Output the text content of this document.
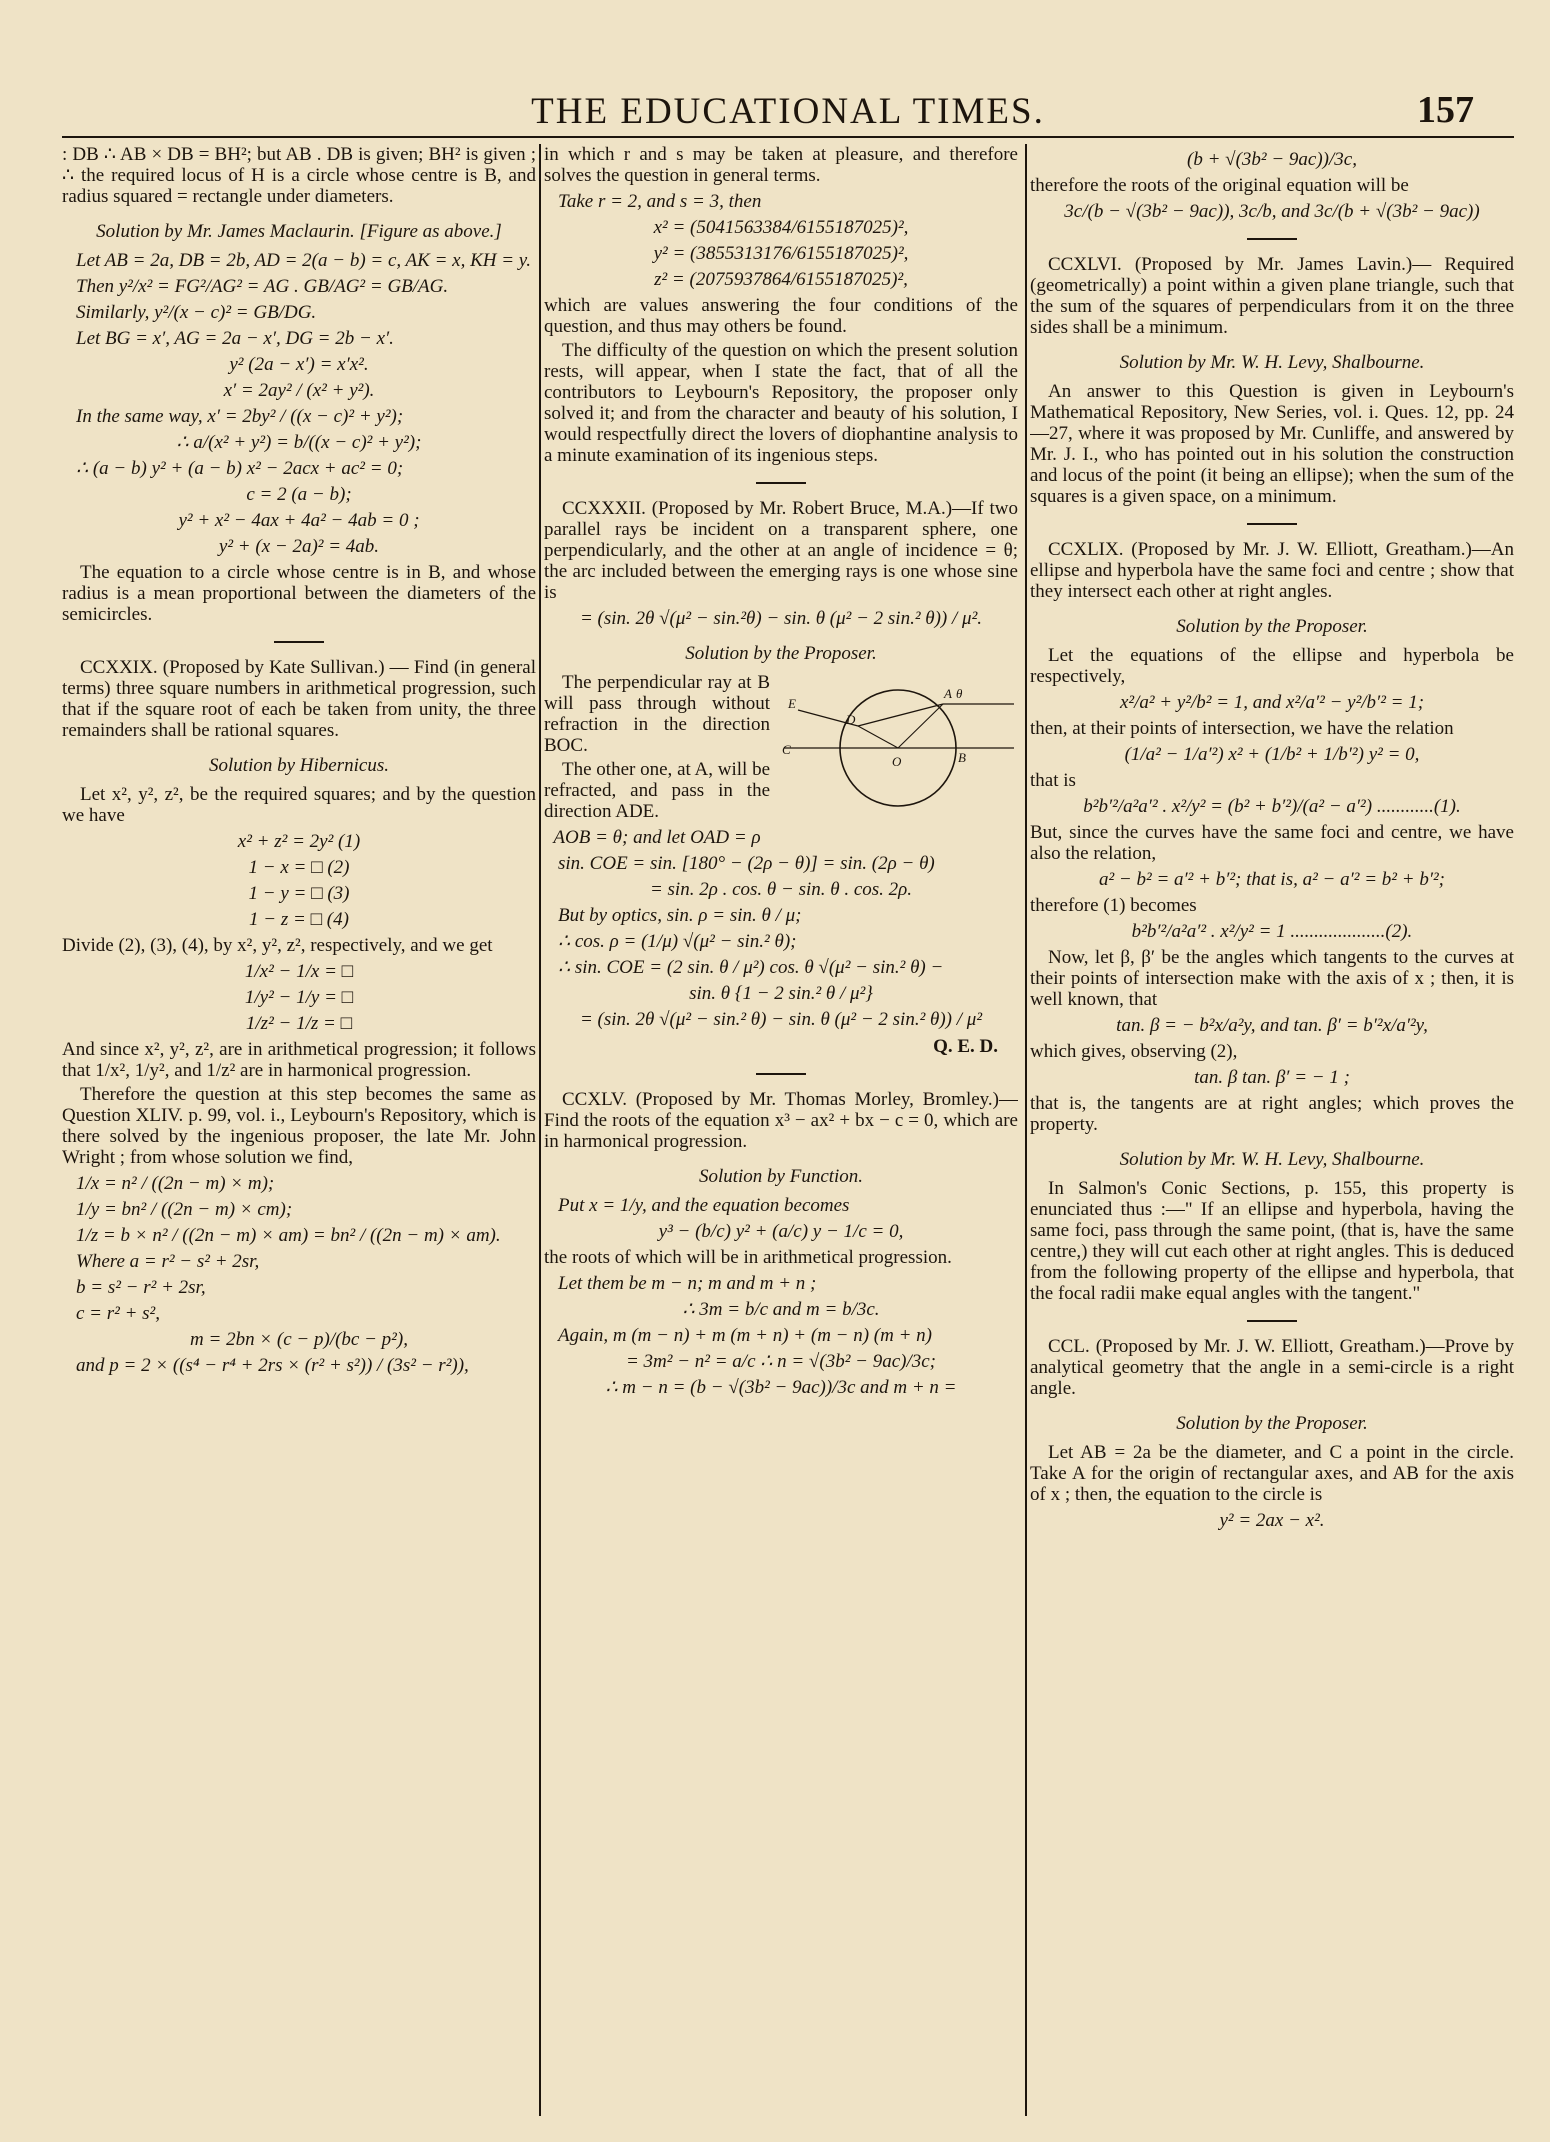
THE EDUCATIONAL TIMES.	157

: DB ∴ AB × DB = BH²; but AB . DB is given; BH² is given ; ∴ the required locus of H is a circle whose centre is B, and radius squared = rectangle under diameters.

Solution by Mr. James Maclaurin. [Figure as above.]
Let AB = 2a, DB = 2b, AD = 2(a − b) = c, AK = x, KH = y.
Then y²/x² = FG²/AG² = AG . GB/AG² = GB/AG.
Similarly, y²/(x − c)² = GB/DG.
Let BG = x′, AG = 2a − x′, DG = 2b − x′.
y² (2a − x′) = x′x².
x′ = 2ay² / (x² + y²).
In the same way, x′ = 2by² / ((x − c)² + y²);
∴ a/(x² + y²) = b/((x − c)² + y²);
∴ (a − b) y² + (a − b) x² − 2acx + ac² = 0;
c = 2 (a − b);
y² + x² − 4ax + 4a² − 4ab = 0 ;
y² + (x − 2a)² = 4ab.

The equation to a circle whose centre is in B, and whose radius is a mean proportional between the diameters of the semicircles.

CCXXIX. (Proposed by Kate Sullivan.) — Find (in general terms) three square numbers in arithmetical progression, such that if the square root of each be taken from unity, the three remainders shall be rational squares.

Solution by Hibernicus.

Let x², y², z², be the required squares; and by the question we have

x² + z² = 2y² (1)
1 − x = □ (2)
1 − y = □ (3)
1 − z = □ (4)

Divide (2), (3), (4), by x², y², z², respectively, and we get

1/x² − 1/x = □
1/y² − 1/y = □
1/z² − 1/z = □

And since x², y², z², are in arithmetical progression; it follows that 1/x², 1/y², and 1/z² are in harmonical progression.

Therefore the question at this step becomes the same as Question XLIV. p. 99, vol. i., Leybourn's Repository, which is there solved by the ingenious proposer, the late Mr. John Wright ; from whose solution we find,

1/x = n² / ((2n − m) × m);
1/y = bn² / ((2n − m) × cm);
1/z = b × n² / ((2n − m) × am) = bn² / ((2n − m) × am).
Where a = r² − s² + 2sr,
b = s² − r² + 2sr,
c = r² + s²,
m = 2bn × (c − p)/(bc − p²),
and p = 2 × ((s⁴ − r⁴ + 2rs × (r² + s²)) / (3s² − r²)),

in which r and s may be taken at pleasure, and therefore solves the question in general terms.

Take r = 2, and s = 3, then
x² = (5041563384/6155187025)²,
y² = (3855313176/6155187025)²,
z² = (2075937864/6155187025)²,

which are values answering the four conditions of the question, and thus may others be found.

The difficulty of the question on which the present solution rests, will appear, when I state the fact, that of all the contributors to Leybourn's Repository, the proposer only solved it; and from the character and beauty of his solution, I would respectfully direct the lovers of diophantine analysis to a minute examination of its ingenious steps.

CCXXXII. (Proposed by Mr. Robert Bruce, M.A.)—If two parallel rays be incident on a transparent sphere, one perpendicularly, and the other at an angle of incidence = θ; the arc included between the emerging rays is one whose sine is

= (sin. 2θ √(μ² − sin.²θ) − sin. θ (μ² − 2 sin.² θ)) / μ².
Solution by the Proposer.
A θ
E
D
C
O	B

The perpendicular ray at B will pass through without refraction in the direction BOC.

The other one, at A, will be refracted, and pass in the direction ADE.

AOB = θ; and let OAD = ρ
sin. COE = sin. [180° − (2ρ − θ)] = sin. (2ρ − θ)
= sin. 2ρ . cos. θ − sin. θ . cos. 2ρ.
But by optics, sin. ρ = sin. θ / μ;
∴ cos. ρ = (1/μ) √(μ² − sin.² θ);
∴ sin. COE = (2 sin. θ / μ²) cos. θ √(μ² − sin.² θ) −
sin. θ {1 − 2 sin.² θ / μ²}
= (sin. 2θ √(μ² − sin.² θ) − sin. θ (μ² − 2 sin.² θ)) / μ²
Q. E. D.

CCXLV. (Proposed by Mr. Thomas Morley, Bromley.)—Find the roots of the equation x³ − ax² + bx − c = 0, which are in harmonical progression.

Solution by Function.
Put x = 1/y, and the equation becomes
y³ − (b/c) y² + (a/c) y − 1/c = 0,

the roots of which will be in arithmetical progression.

Let them be m − n; m and m + n ;
∴ 3m = b/c and m = b/3c.
Again, m (m − n) + m (m + n) + (m − n) (m + n)
= 3m² − n² = a/c ∴ n = √(3b² − 9ac)/3c;
∴ m − n = (b − √(3b² − 9ac))/3c and m + n =
(b + √(3b² − 9ac))/3c,

therefore the roots of the original equation will be

3c/(b − √(3b² − 9ac)), 3c/b, and 3c/(b + √(3b² − 9ac))

CCXLVI. (Proposed by Mr. James Lavin.)— Required (geometrically) a point within a given plane triangle, such that the sum of the squares of perpendiculars from it on the three sides shall be a minimum.

Solution by Mr. W. H. Levy, Shalbourne.

An answer to this Question is given in Leybourn's Mathematical Repository, New Series, vol. i. Ques. 12, pp. 24—27, where it was proposed by Mr. Cunliffe, and answered by Mr. J. I., who has pointed out in his solution the construction and locus of the point (it being an ellipse); when the sum of the squares is a given space, on a minimum.

CCXLIX. (Proposed by Mr. J. W. Elliott, Greatham.)—An ellipse and hyperbola have the same foci and centre ; show that they intersect each other at right angles.

Solution by the Proposer.

Let the equations of the ellipse and hyperbola be respectively,

x²/a² + y²/b² = 1, and x²/a′² − y²/b′² = 1;

then, at their points of intersection, we have the relation

(1/a² − 1/a′²) x² + (1/b² + 1/b′²) y² = 0,

that is

b²b′²/a²a′² . x²/y² = (b² + b′²)/(a² − a′²) ............(1).

But, since the curves have the same foci and centre, we have also the relation,

a² − b² = a′² + b′²; that is, a² − a′² = b² + b′²;

therefore (1) becomes

b²b′²/a²a′² . x²/y² = 1 ....................(2).

Now, let β, β′ be the angles which tangents to the curves at their points of intersection make with the axis of x ; then, it is well known, that

tan. β = − b²x/a²y, and tan. β′ = b′²x/a′²y,

which gives, observing (2),

tan. β tan. β′ = − 1 ;

that is, the tangents are at right angles; which proves the property.

Solution by Mr. W. H. Levy, Shalbourne.

In Salmon's Conic Sections, p. 155, this property is enunciated thus :—" If an ellipse and hyperbola, having the same foci, pass through the same point, (that is, have the same centre,) they will cut each other at right angles. This is deduced from the following property of the ellipse and hyperbola, that the focal radii make equal angles with the tangent."

CCL. (Proposed by Mr. J. W. Elliott, Greatham.)—Prove by analytical geometry that the angle in a semi-circle is a right angle.

Solution by the Proposer.

Let AB = 2a be the diameter, and C a point in the circle. Take A for the origin of rectangular axes, and AB for the axis of x ; then, the equation to the circle is

y² = 2ax − x².
